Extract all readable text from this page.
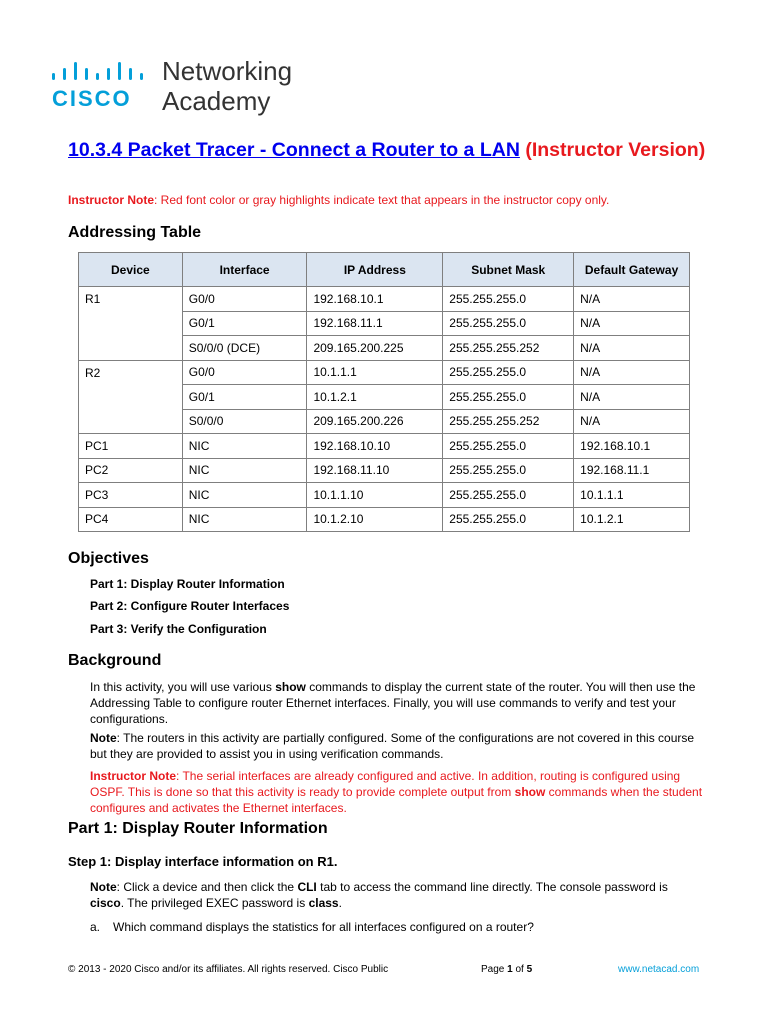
CISCO
Networking
Academy
10.3.4 Packet Tracer - Connect a Router to a LAN (Instructor Version)
Instructor Note: Red font color or gray highlights indicate text that appears in the instructor copy only.
Addressing Table
Device	Interface	IP Address	Subnet Mask	Default Gateway
R1	G0/0	192.168.10.1	255.255.255.0	N/A
	G0/1	192.168.11.1	255.255.255.0	N/A
	S0/0/0 (DCE)	209.165.200.225	255.255.255.252	N/A
R2	G0/0	10.1.1.1	255.255.255.0	N/A
	G0/1	10.1.2.1	255.255.255.0	N/A
	S0/0/0	209.165.200.226	255.255.255.252	N/A
PC1	NIC	192.168.10.10	255.255.255.0	192.168.10.1
PC2	NIC	192.168.11.10	255.255.255.0	192.168.11.1
PC3	NIC	10.1.1.10	255.255.255.0	10.1.1.1
PC4	NIC	10.1.2.10	255.255.255.0	10.1.2.1
Objectives
Part 1: Display Router Information
Part 2: Configure Router Interfaces
Part 3: Verify the Configuration
Background
In this activity, you will use various show commands to display the current state of the router. You will then use the Addressing Table to configure router Ethernet interfaces. Finally, you will use commands to verify and test your configurations.
Note: The routers in this activity are partially configured. Some of the configurations are not covered in this course but they are provided to assist you in using verification commands.
Instructor Note: The serial interfaces are already configured and active. In addition, routing is configured using OSPF. This is done so that this activity is ready to provide complete output from show commands when the student configures and activates the Ethernet interfaces.
Part 1: Display Router Information
Step 1: Display interface information on R1.
Note: Click a device and then click the CLI tab to access the command line directly. The console password is cisco. The privileged EXEC password is class.
a. Which command displays the statistics for all interfaces configured on a router?
© 2013 - 2020 Cisco and/or its affiliates. All rights reserved. Cisco Public	Page 1 of 5	www.netacad.com
